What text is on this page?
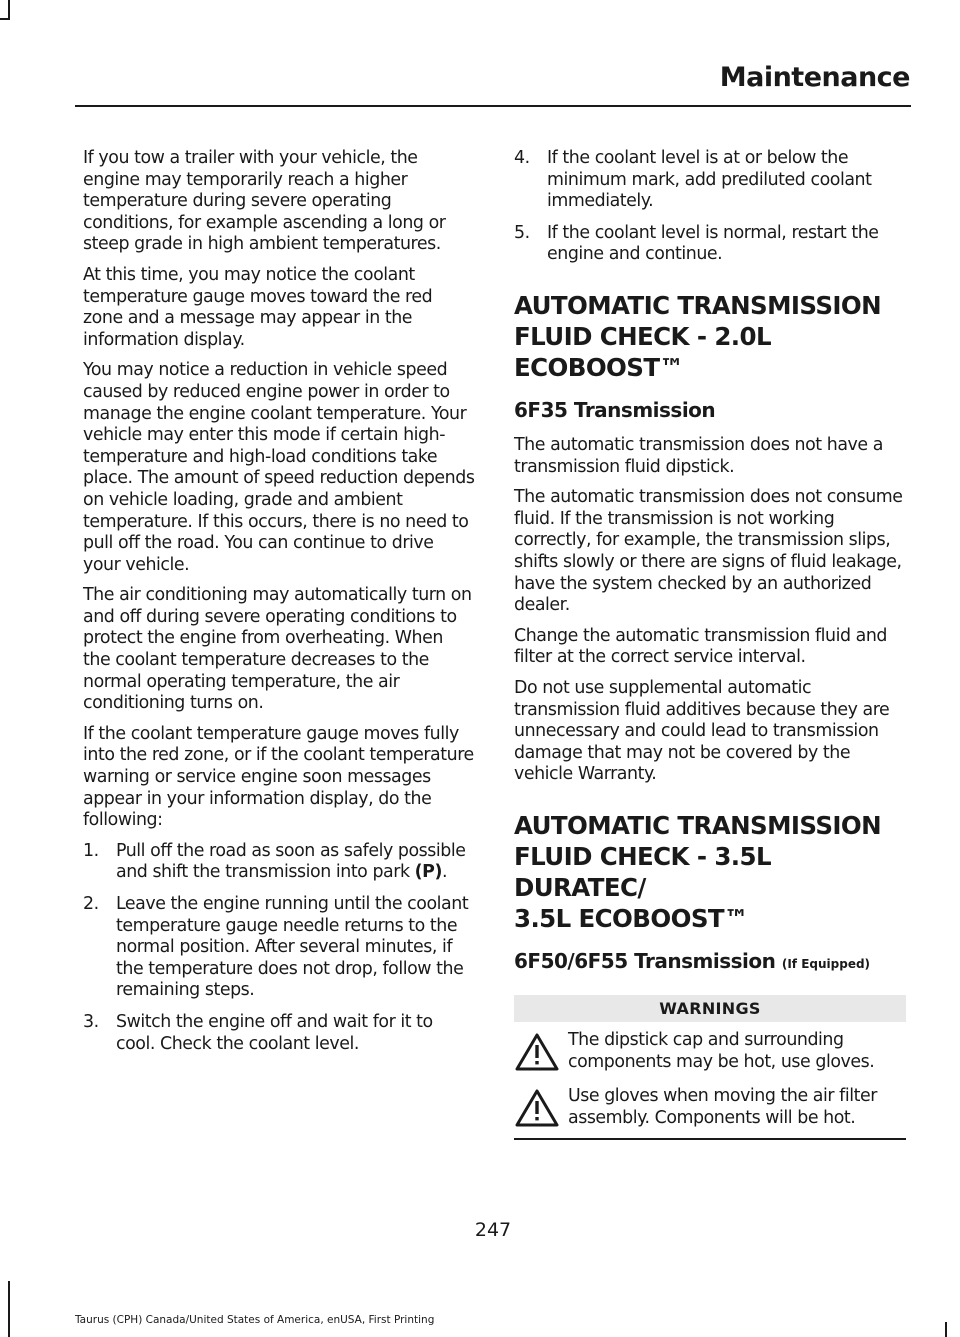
Maintenance

If you tow a trailer with your vehicle, the engine may temporarily reach a higher temperature during severe operating conditions, for example ascending a long or steep grade in high ambient temperatures.

At this time, you may notice the coolant temperature gauge moves toward the red zone and a message may appear in the information display.

You may notice a reduction in vehicle speed caused by reduced engine power in order to manage the engine coolant temperature. Your vehicle may enter this mode if certain high-temperature and high-load conditions take place. The amount of speed reduction depends on vehicle loading, grade and ambient temperature. If this occurs, there is no need to pull off the road. You can continue to drive your vehicle.

The air conditioning may automatically turn on and off during severe operating conditions to protect the engine from overheating. When the coolant temperature decreases to the normal operating temperature, the air conditioning turns on.

If the coolant temperature gauge moves fully into the red zone, or if the coolant temperature warning or service engine soon messages appear in your information display, do the following:

1. Pull off the road as soon as safely possible and shift the transmission into park (P).
2. Leave the engine running until the coolant temperature gauge needle returns to the normal position. After several minutes, if the temperature does not drop, follow the remaining steps.
3. Switch the engine off and wait for it to cool. Check the coolant level.
4. If the coolant level is at or below the minimum mark, add prediluted coolant immediately.
5. If the coolant level is normal, restart the engine and continue.
AUTOMATIC TRANSMISSION
FLUID CHECK - 2.0L
ECOBOOST™
6F35 Transmission

The automatic transmission does not have a transmission fluid dipstick.

The automatic transmission does not consume fluid. If the transmission is not working correctly, for example, the transmission slips, shifts slowly or there are signs of fluid leakage, have the system checked by an authorized dealer.

Change the automatic transmission fluid and filter at the correct service interval.

Do not use supplemental automatic transmission fluid additives because they are unnecessary and could lead to transmission damage that may not be covered by the vehicle Warranty.

AUTOMATIC TRANSMISSION
FLUID CHECK - 3.5L DURATEC/
3.5L ECOBOOST™
6F50/6F55 Transmission (If Equipped)
WARNINGS
The dipstick cap and surrounding components may be hot, use gloves.
Use gloves when moving the air filter assembly. Components will be hot.
247
Taurus (CPH) Canada/United States of America, enUSA, First Printing
